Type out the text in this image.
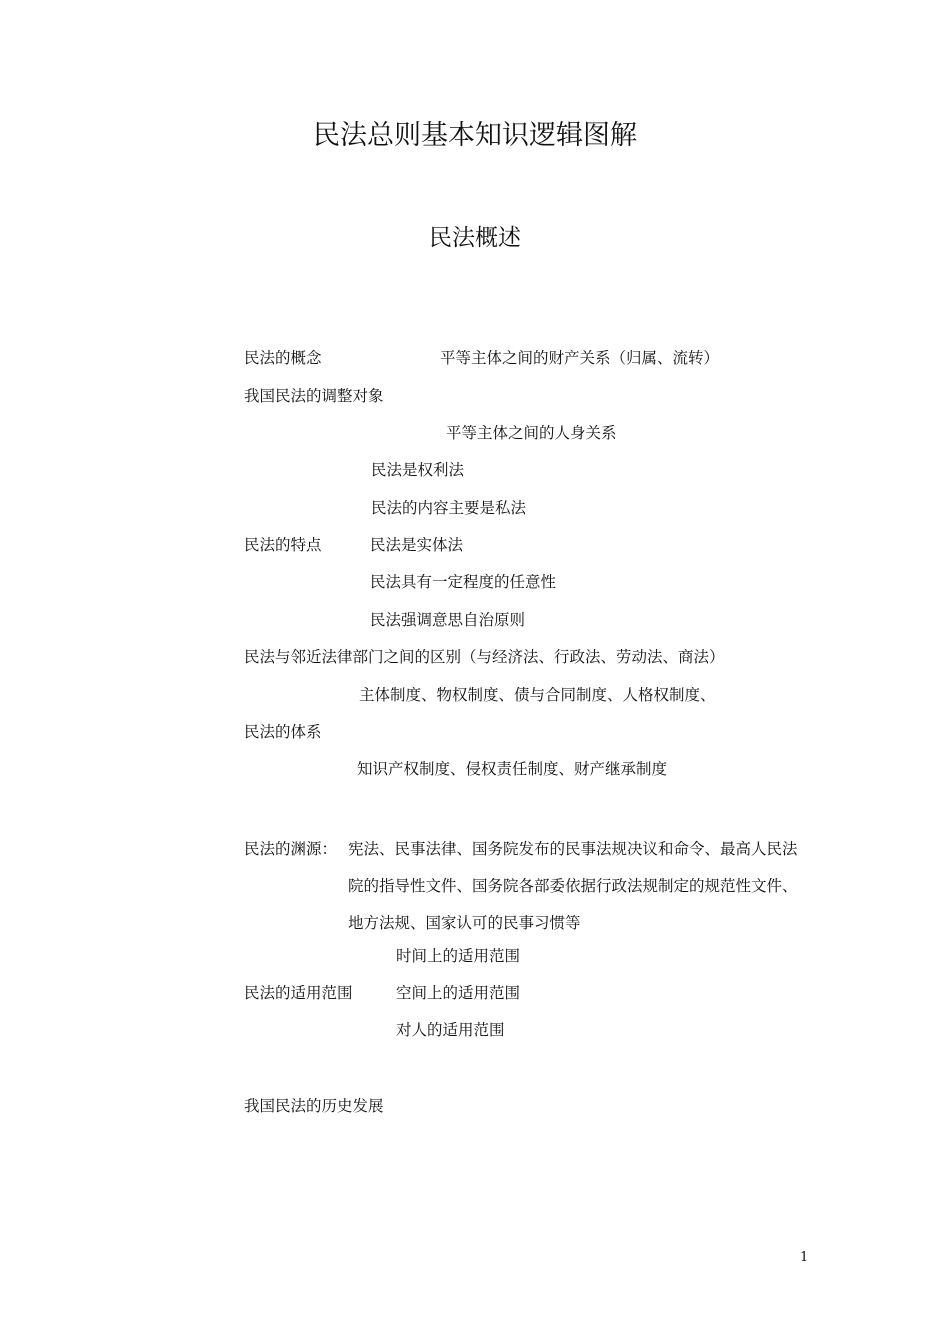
民法总则基本知识逻辑图解
民法概述
民法的概念	平等主体之间的财产关系（归属、流转）
我国民法的调整对象
平等主体之间的人身关系
民法是权利法
民法的内容主要是私法
民法的特点	民法是实体法
民法具有一定程度的任意性
民法强调意思自治原则
民法与邻近法律部门之间的区别（与经济法、行政法、劳动法、商法）
主体制度、物权制度、债与合同制度、人格权制度、
民法的体系
知识产权制度、侵权责任制度、财产继承制度
民法的渊源： 宪法、民事法律、国务院发布的民事法规决议和命令、最高人民法院的指导性文件、国务院各部委依据行政法规制定的规范性文件、地方法规、国家认可的民事习惯等
时间上的适用范围
民法的适用范围	空间上的适用范围
对人的适用范围
我国民法的历史发展
1
